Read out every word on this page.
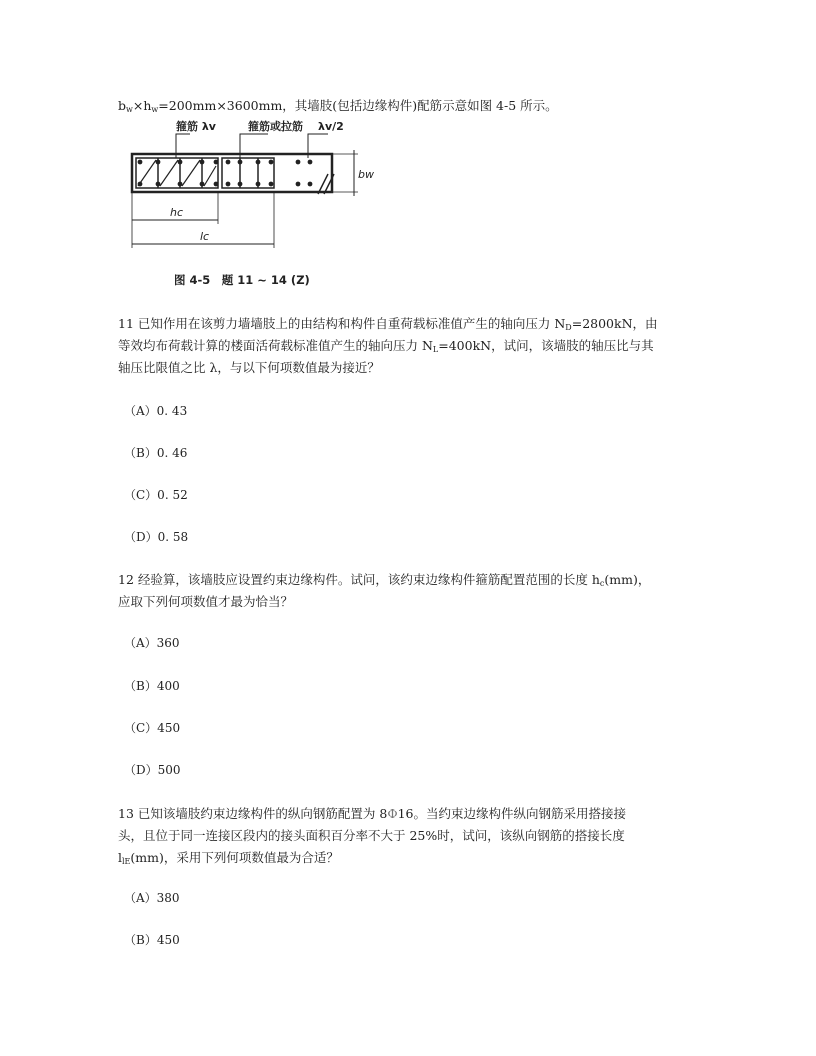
$b_w\times h_w=200mm\times 3600mm$，其墙肢(包括边缘构件)配筋示意如图 4-5 所示。
箍筋 λv	箍筋或拉筋 λv/2
bw
hc
lc
图 4-5　题 11 ~ 14 (Z)
11 已知作用在该剪力墙墙肢上的由结构和构件自重荷载标准值产生的轴向压力 $N_D=2800kN$，由
等效均布荷载计算的楼面活荷载标准值产生的轴向压力 $N_L=400kN$，试问，该墙肢的轴压比与其
轴压比限值之比 λ，与以下何项数值最为接近？
（A）0. 43
（B）0. 46
（C）0. 52
（D）0. 58
12 经验算，该墙肢应设置约束边缘构件。试问，该约束边缘构件箍筋配置范围的长度 $h_c(mm)$，
应取下列何项数值才最为恰当？
（A）360
（B）400
（C）450
（D）500
13 已知该墙肢约束边缘构件的纵向钢筋配置为 8Φ16。当约束边缘构件纵向钢筋采用搭接接
头，且位于同一连接区段内的接头面积百分率不大于 25%时，试问，该纵向钢筋的搭接长度
$l_{lE}(mm)$，采用下列何项数值最为合适？
（A）380
（B）450
